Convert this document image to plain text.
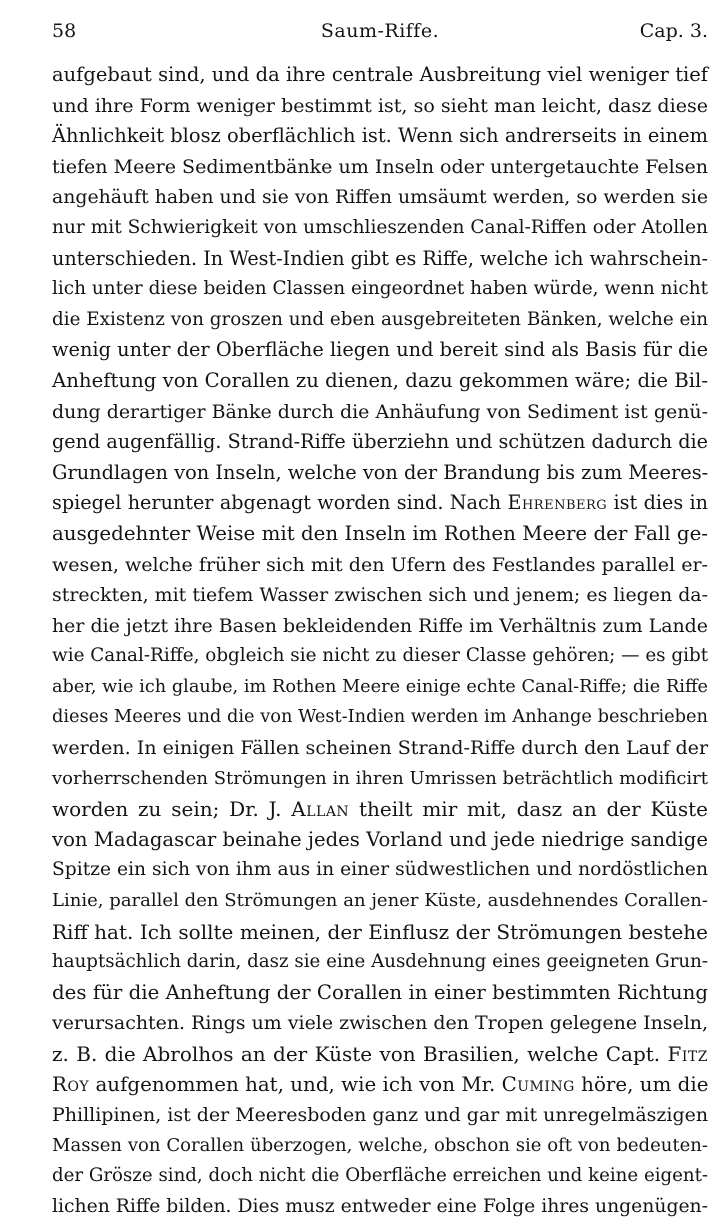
Saum-Riffe.
58	Cap. 3.
aufgebaut sind, und da ihre centrale Ausbreitung viel weniger tief
und ihre Form weniger bestimmt ist, so sieht man leicht, dasz diese
Ähnlichkeit blosz oberflächlich ist. Wenn sich andrerseits in einem
tiefen Meere Sedimentbänke um Inseln oder untergetauchte Felsen
angehäuft haben und sie von Riffen umsäumt werden, so werden sie
nur mit Schwierigkeit von umschlieszenden Canal-Riffen oder Atollen
unterschieden. In West-Indien gibt es Riffe, welche ich wahrschein-
lich unter diese beiden Classen eingeordnet haben würde, wenn nicht
die Existenz von groszen und eben ausgebreiteten Bänken, welche ein
wenig unter der Oberfläche liegen und bereit sind als Basis für die
Anheftung von Corallen zu dienen, dazu gekommen wäre; die Bil-
dung derartiger Bänke durch die Anhäufung von Sediment ist genü-
gend augenfällig. Strand-Riffe überziehn und schützen dadurch die
Grundlagen von Inseln, welche von der Brandung bis zum Meeres-
spiegel herunter abgenagt worden sind. Nach Ehrenberg ist dies in
ausgedehnter Weise mit den Inseln im Rothen Meere der Fall ge-
wesen, welche früher sich mit den Ufern des Festlandes parallel er-
streckten, mit tiefem Wasser zwischen sich und jenem; es liegen da-
her die jetzt ihre Basen bekleidenden Riffe im Verhältnis zum Lande
wie Canal-Riffe, obgleich sie nicht zu dieser Classe gehören; — es gibt
aber, wie ich glaube, im Rothen Meere einige echte Canal-Riffe; die Riffe
dieses Meeres und die von West-Indien werden im Anhange beschrieben
werden. In einigen Fällen scheinen Strand-Riffe durch den Lauf der
vorherrschenden Strömungen in ihren Umrissen beträchtlich modificirt
worden zu sein; Dr. J. Allan theilt mir mit, dasz an der Küste
von Madagascar beinahe jedes Vorland und jede niedrige sandige
Spitze ein sich von ihm aus in einer südwestlichen und nordöstlichen
Linie, parallel den Strömungen an jener Küste, ausdehnendes Corallen-
Riff hat. Ich sollte meinen, der Einflusz der Strömungen bestehe
hauptsächlich darin, dasz sie eine Ausdehnung eines geeigneten Grun-
des für die Anheftung der Corallen in einer bestimmten Richtung
verursachten. Rings um viele zwischen den Tropen gelegene Inseln,
z. B. die Abrolhos an der Küste von Brasilien, welche Capt. Fitz
Roy aufgenommen hat, und, wie ich von Mr. Cuming höre, um die
Phillipinen, ist der Meeresboden ganz und gar mit unregelmäszigen
Massen von Corallen überzogen, welche, obschon sie oft von bedeuten-
der Grösze sind, doch nicht die Oberfläche erreichen und keine eigent-
lichen Riffe bilden. Dies musz entweder eine Folge ihres ungenügen-
